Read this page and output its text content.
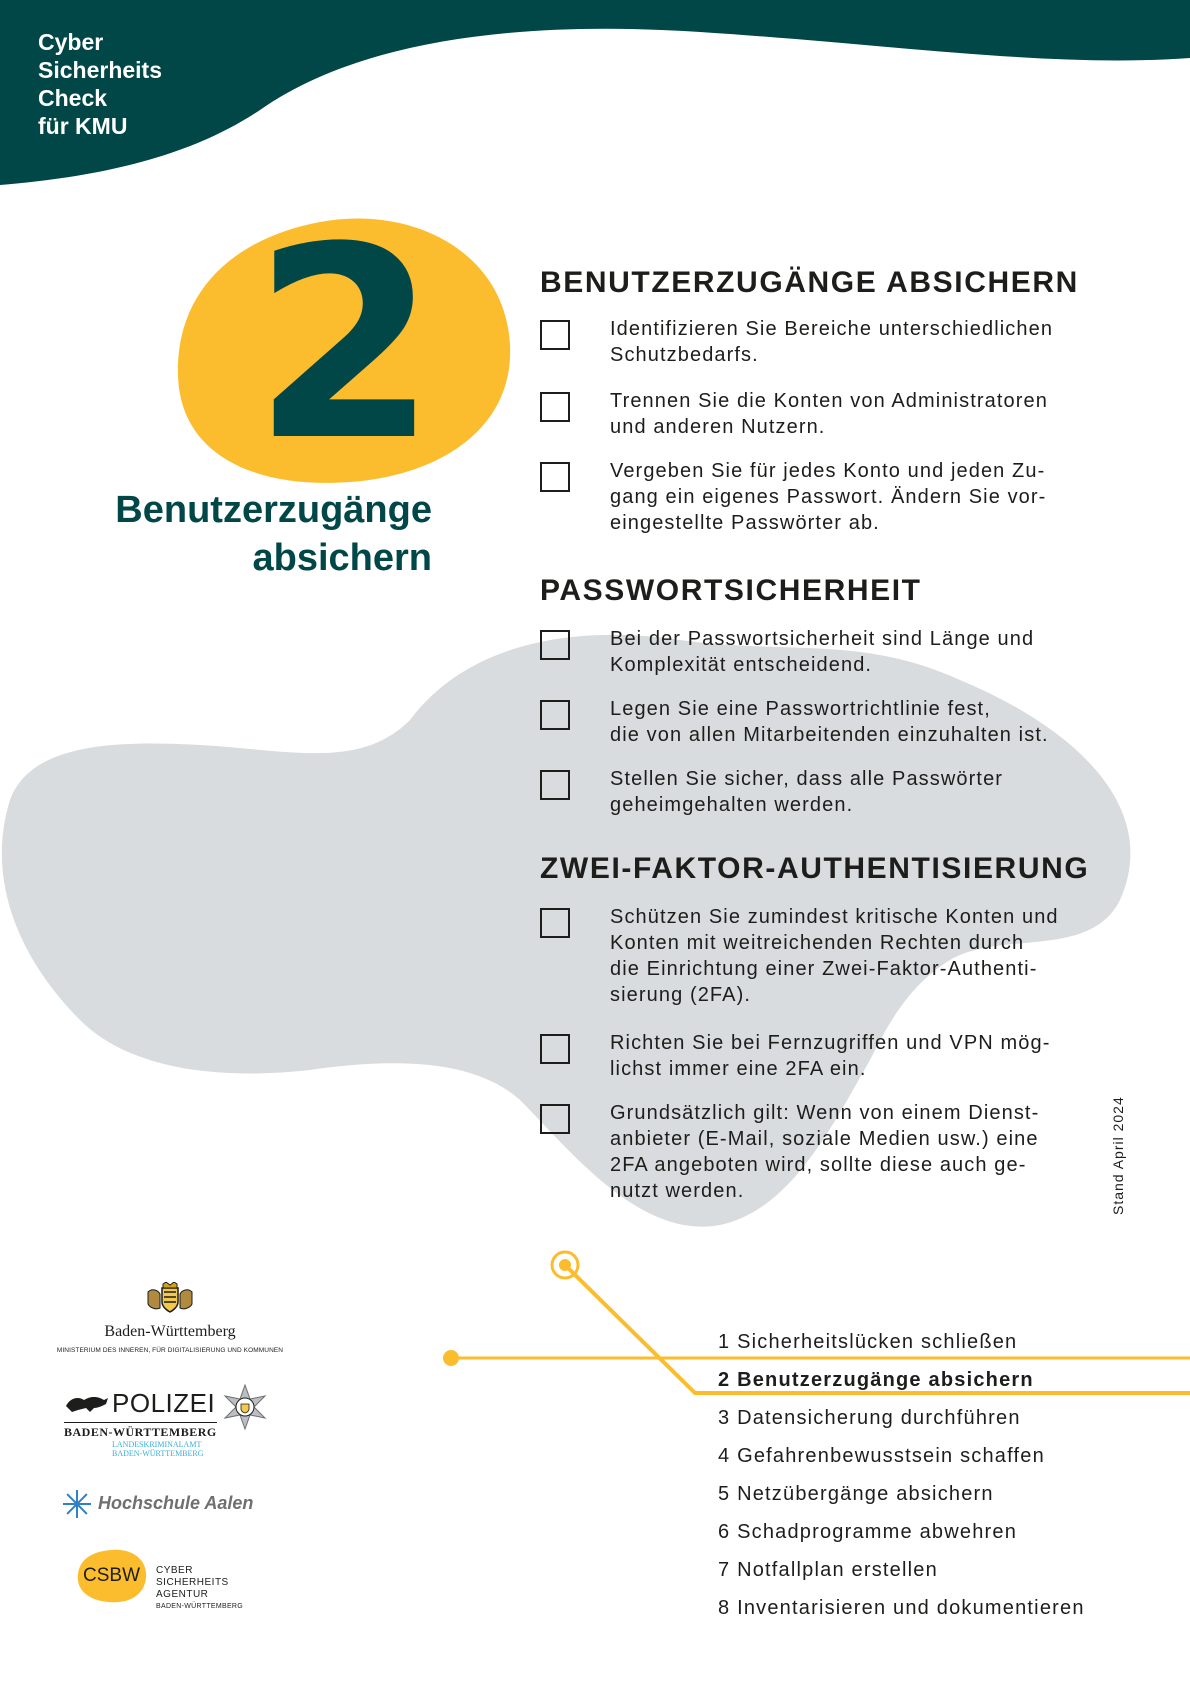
Cyber
Sicherheits
Check
für KMU
2
Benutzerzugänge
absichern
BENUTZERZUGÄNGE ABSICHERN
Identifizieren Sie Bereiche unterschiedlichen
Schutzbedarfs.
Trennen Sie die Konten von Administratoren
und anderen Nutzern.
Vergeben Sie für jedes Konto und jeden Zu-
gang ein eigenes Passwort. Ändern Sie vor-
eingestellte Passwörter ab.
PASSWORTSICHERHEIT
Bei der Passwortsicherheit sind Länge und
Komplexität entscheidend.
Legen Sie eine Passwortrichtlinie fest,
die von allen Mitarbeitenden einzuhalten ist.
Stellen Sie sicher, dass alle Passwörter
geheimgehalten werden.
ZWEI-FAKTOR-AUTHENTISIERUNG
Schützen Sie zumindest kritische Konten und
Konten mit weitreichenden Rechten durch
die Einrichtung einer Zwei-Faktor-Authenti-
sierung (2FA).
Richten Sie bei Fernzugriffen und VPN mög-
lichst immer eine 2FA ein.
Grundsätzlich gilt: Wenn von einem Dienst-
anbieter (E-Mail, soziale Medien usw.) eine
2FA angeboten wird, sollte diese auch ge-
nutzt werden.	Stand April 2024
1 Sicherheitslücken schließen
2 Benutzerzugänge absichern
3 Datensicherung durchführen
4 Gefahrenbewusstsein schaffen
5 Netzübergänge absichern
6 Schadprogramme abwehren
7 Notfallplan erstellen
8 Inventarisieren und dokumentieren
Baden-Württemberg
MINISTERIUM DES INNEREN, FÜR DIGITALISIERUNG UND KOMMUNEN
POLIZEI
BADEN-WÜRTTEMBERG
LANDESKRIMINALAMT
BADEN-WÜRTTEMBERG
Hochschule Aalen
CSBW CYBER
SICHERHEITS
AGENTUR
BADEN-WÜRTTEMBERG
